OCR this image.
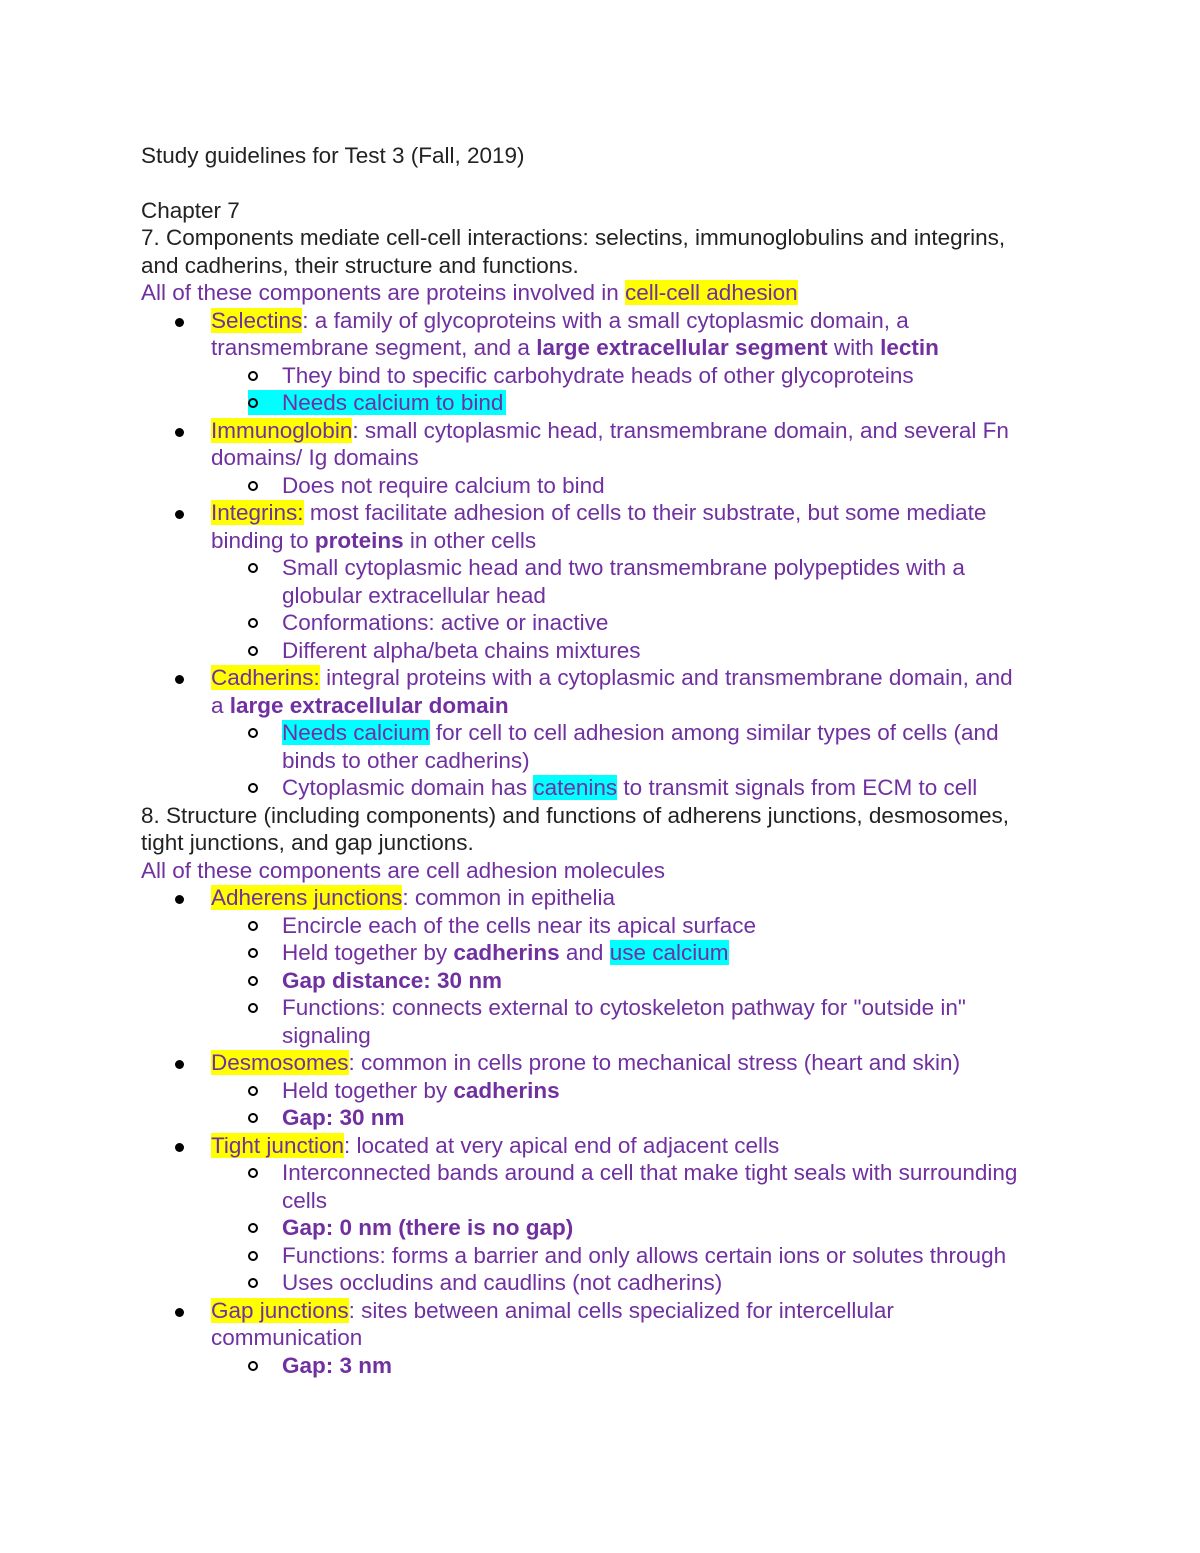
Study guidelines for Test 3 (Fall, 2019)
Chapter 7
7. Components mediate cell-cell interactions: selectins, immunoglobulins and integrins,
and cadherins, their structure and functions.
All of these components are proteins involved in cell-cell adhesion
Selectins: a family of glycoproteins with a small cytoplasmic domain, a
transmembrane segment, and a large extracellular segment with lectin
They bind to specific carbohydrate heads of other glycoproteins
Needs calcium to bind
Immunoglobin: small cytoplasmic head, transmembrane domain, and several Fn
domains/ Ig domains
Does not require calcium to bind
Integrins: most facilitate adhesion of cells to their substrate, but some mediate
binding to proteins in other cells
Small cytoplasmic head and two transmembrane polypeptides with a
globular extracellular head
Conformations: active or inactive
Different alpha/beta chains mixtures
Cadherins: integral proteins with a cytoplasmic and transmembrane domain, and
a large extracellular domain
Needs calcium for cell to cell adhesion among similar types of cells (and
binds to other cadherins)
Cytoplasmic domain has catenins to transmit signals from ECM to cell
8. Structure (including components) and functions of adherens junctions, desmosomes,
tight junctions, and gap junctions.
All of these components are cell adhesion molecules
Adherens junctions: common in epithelia
Encircle each of the cells near its apical surface
Held together by cadherins and use calcium
Gap distance: 30 nm
Functions: connects external to cytoskeleton pathway for "outside in"
signaling
Desmosomes: common in cells prone to mechanical stress (heart and skin)
Held together by cadherins
Gap: 30 nm
Tight junction: located at very apical end of adjacent cells
Interconnected bands around a cell that make tight seals with surrounding
cells
Gap: 0 nm (there is no gap)
Functions: forms a barrier and only allows certain ions or solutes through
Uses occludins and caudlins (not cadherins)
Gap junctions: sites between animal cells specialized for intercellular
communication
Gap: 3 nm
